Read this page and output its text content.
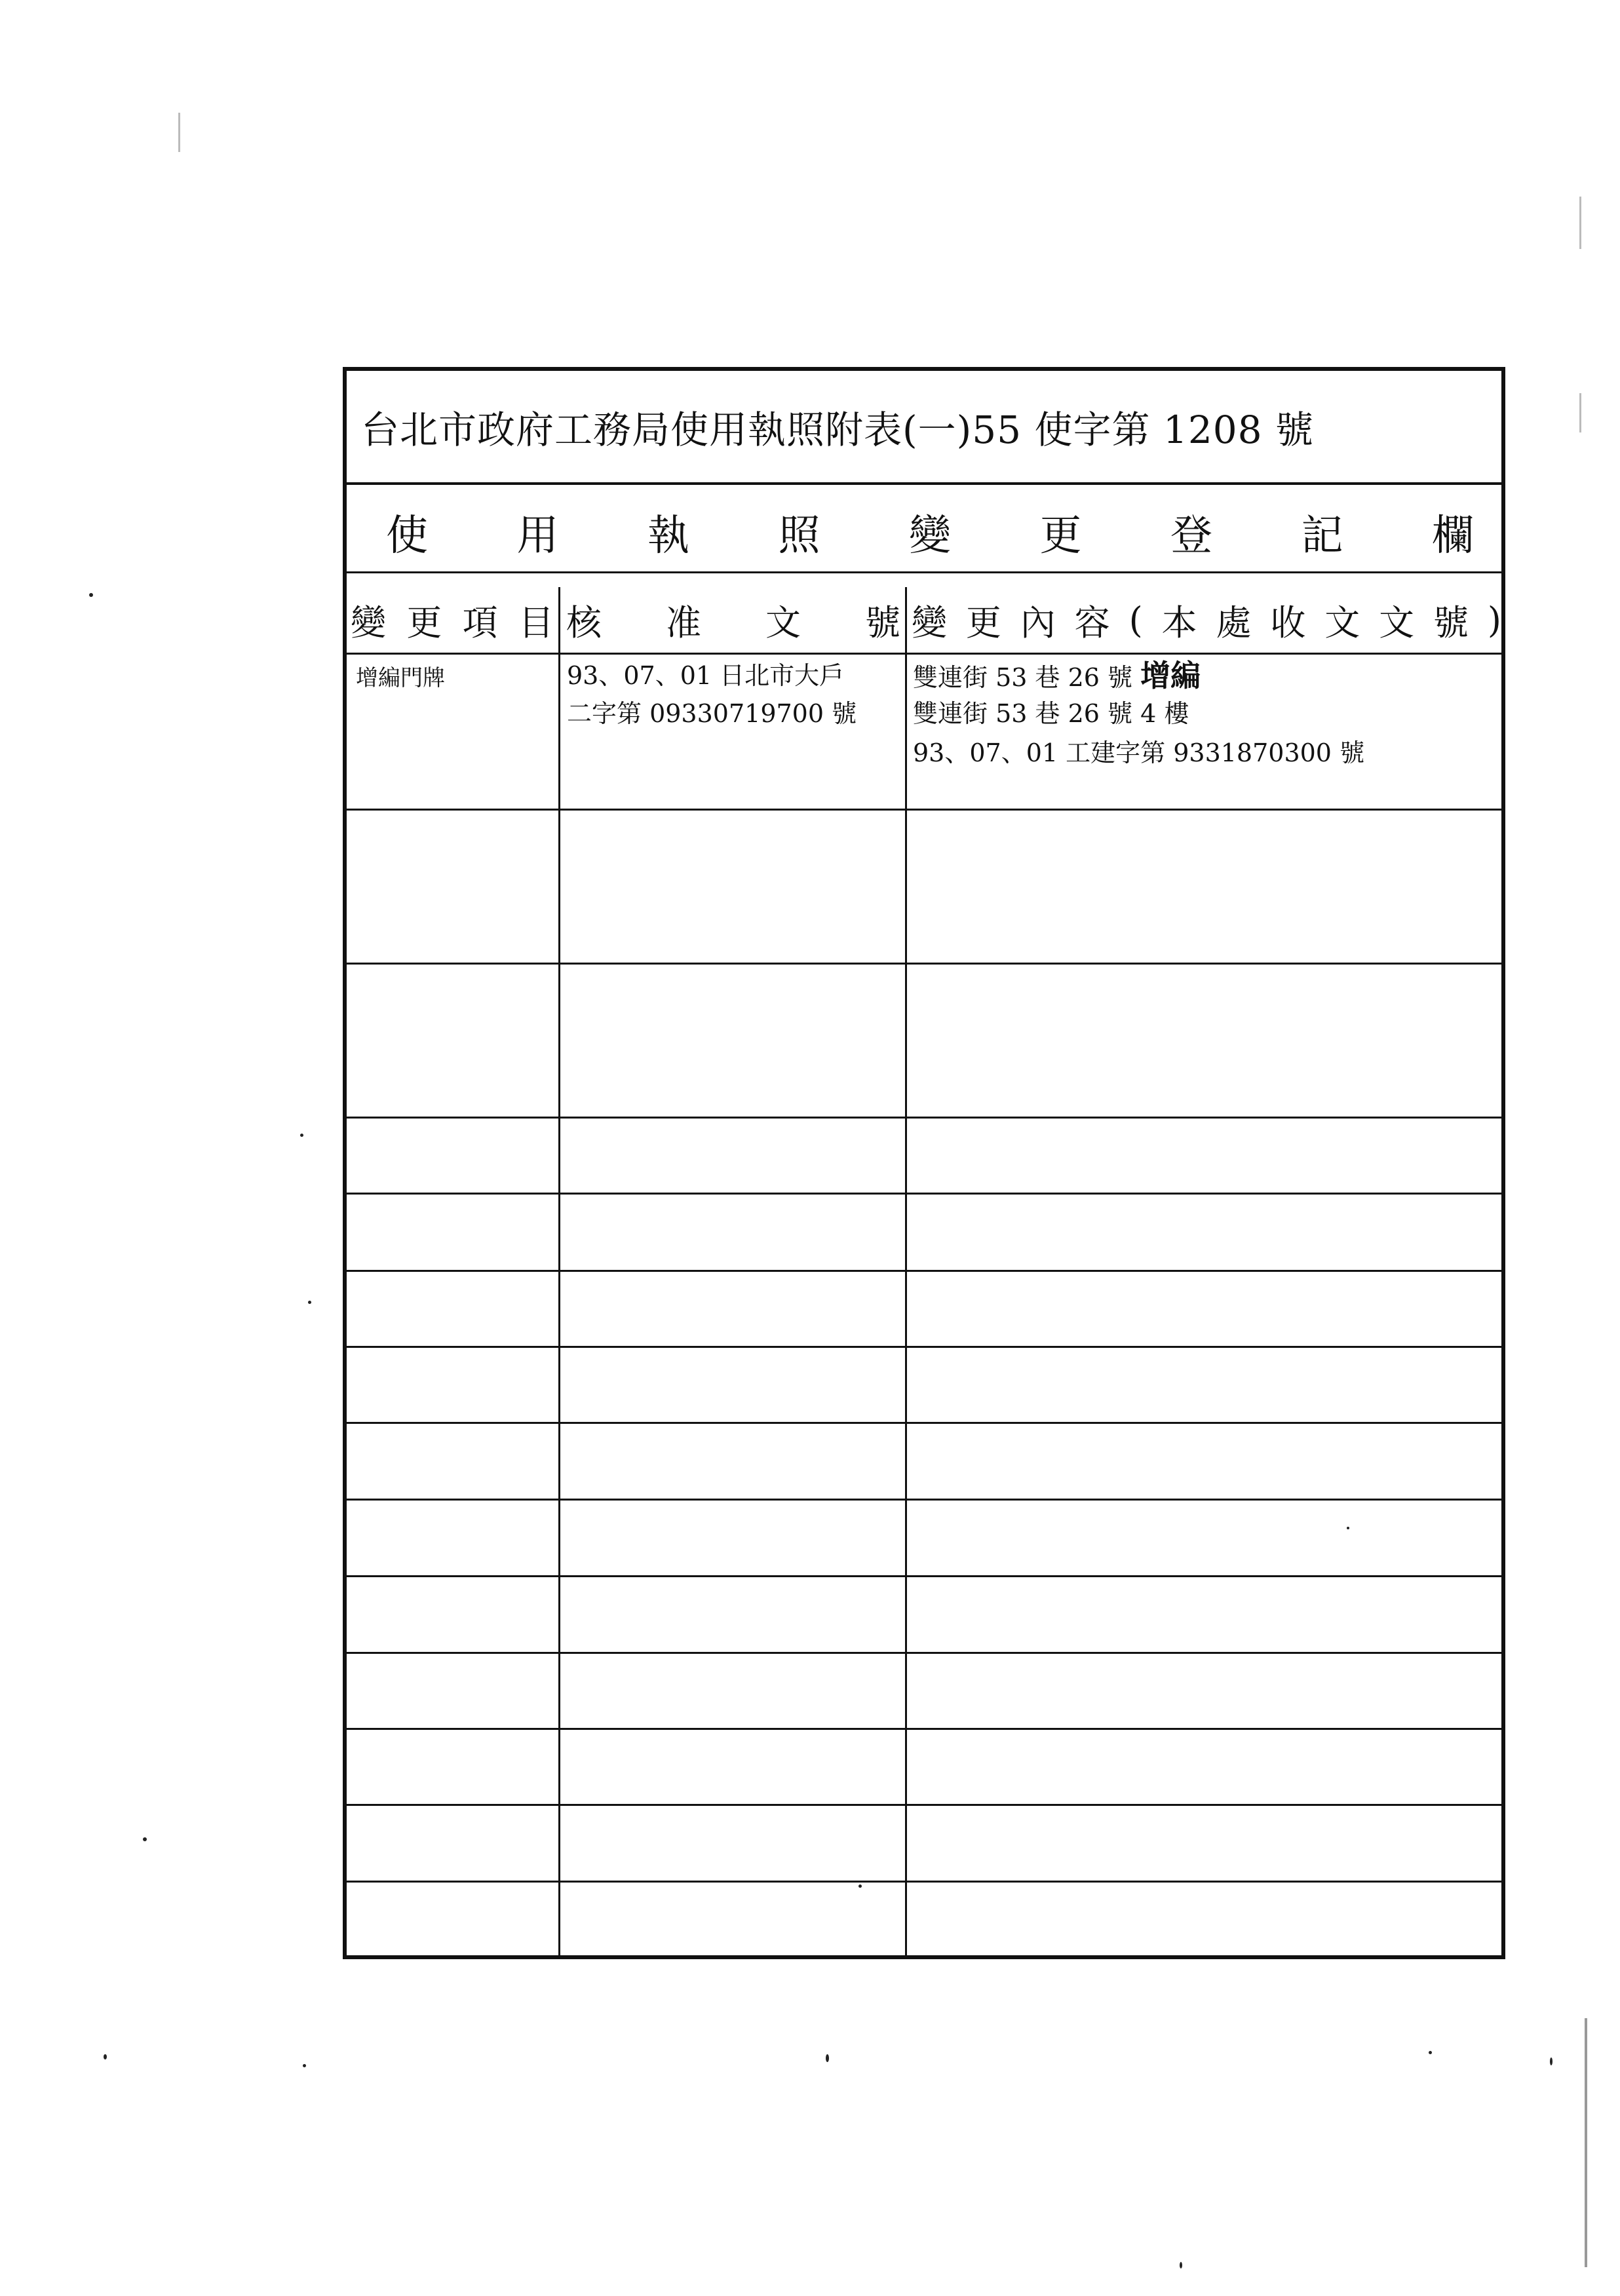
台北市政府工務局使用執照附表(一)55 使字第 1208 號
使 用 執 照 變 更 登 記 欄
變 更 項 目 核 准 文 號 變 更 內 容 ( 本 處 收 文 文 號 )
增編門牌	93、07、01 日北市大戶
二字第 09330719700 號
雙連街 53 巷 26 號 增編
雙連街 53 巷 26 號 4 樓
93、07、01 工建字第 9331870300 號
